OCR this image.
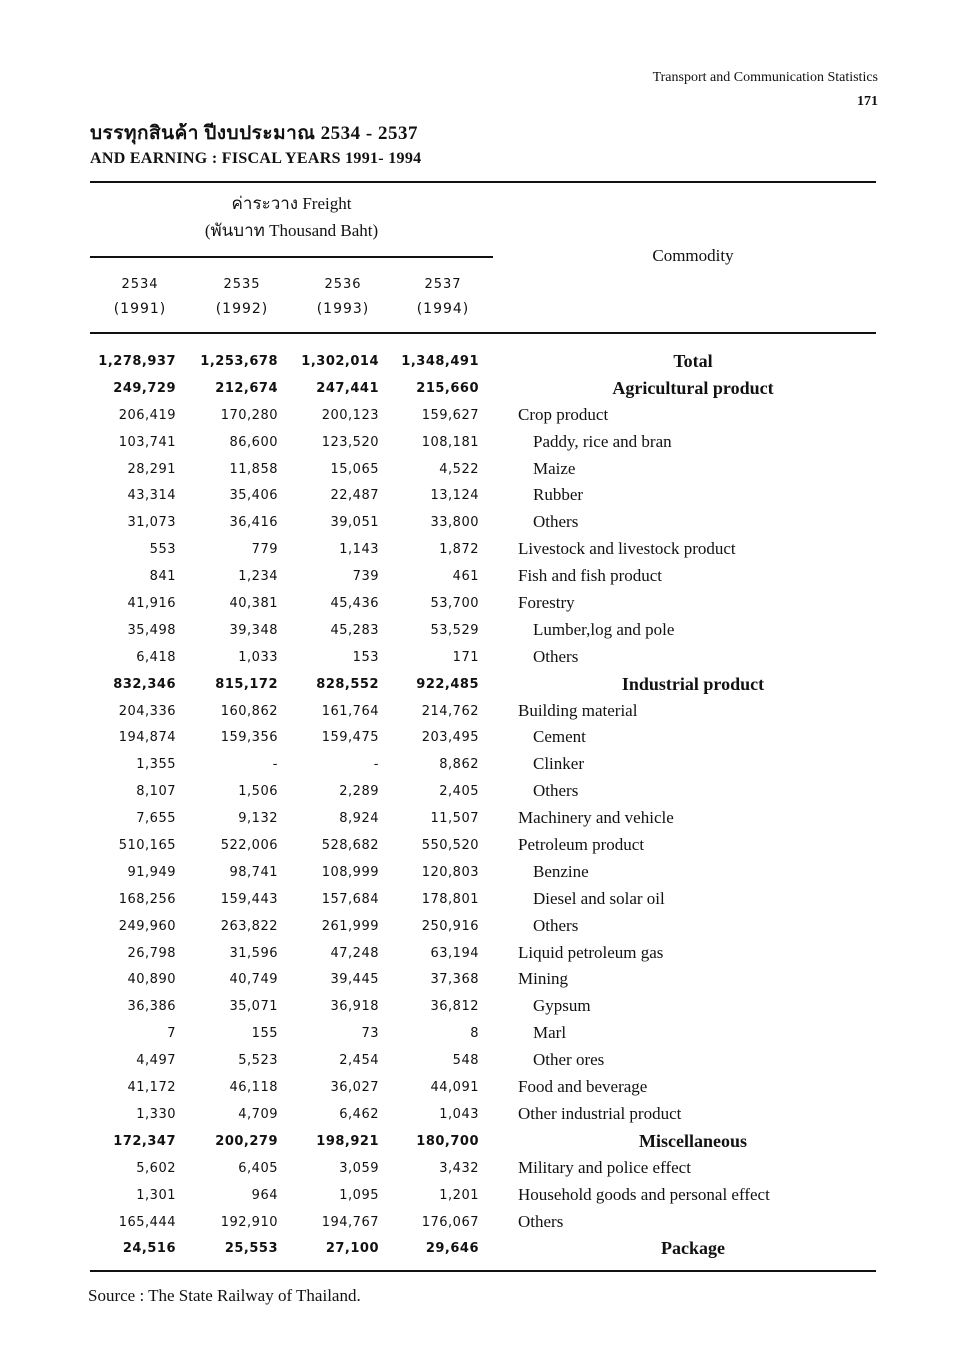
Transport and Communication Statistics
171
บรรทุกสินค้า ปีงบประมาณ 2534 - 2537
AND EARNING : FISCAL YEARS 1991- 1994
ค่าระวาง Freight
(พันบาท Thousand Baht)
Commodity
2534
(1991)
2535
(1992)
2536
(1993)
2537
(1994)
1,278,937	1,253,678	1,302,014	1,348,491	Total
249,729	212,674	247,441	215,660	Agricultural product
206,419	170,280	200,123	159,627 Crop product
103,741	86,600	123,520	108,181	Paddy, rice and bran
28,291	11,858	15,065	4,522	Maize
43,314	35,406	22,487	13,124	Rubber
31,073	36,416	39,051	33,800	Others
553	779	1,143	1,872 Livestock and livestock product
841	1,234	739	461 Fish and fish product
41,916	40,381	45,436	53,700 Forestry
35,498	39,348	45,283	53,529	Lumber,log and pole
6,418	1,033	153	171	Others
832,346	815,172	828,552	922,485	Industrial product
204,336	160,862	161,764	214,762 Building material
194,874	159,356	159,475	203,495	Cement
1,355	-	-	8,862	Clinker
8,107	1,506	2,289	2,405	Others
7,655	9,132	8,924	11,507 Machinery and vehicle
510,165	522,006	528,682	550,520 Petroleum product
91,949	98,741	108,999	120,803	Benzine
168,256	159,443	157,684	178,801	Diesel and solar oil
249,960	263,822	261,999	250,916	Others
26,798	31,596	47,248	63,194 Liquid petroleum gas
40,890	40,749	39,445	37,368 Mining
36,386	35,071	36,918	36,812	Gypsum
7	155	73	8	Marl
4,497	5,523	2,454	548	Other ores
41,172	46,118	36,027	44,091 Food and beverage
1,330	4,709	6,462	1,043 Other industrial product
172,347	200,279	198,921	180,700	Miscellaneous
5,602	6,405	3,059	3,432 Military and police effect
1,301	964	1,095	1,201 Household goods and personal effect
165,444	192,910	194,767	176,067 Others
24,516	25,553	27,100	29,646	Package
Source : The State Railway of Thailand.
